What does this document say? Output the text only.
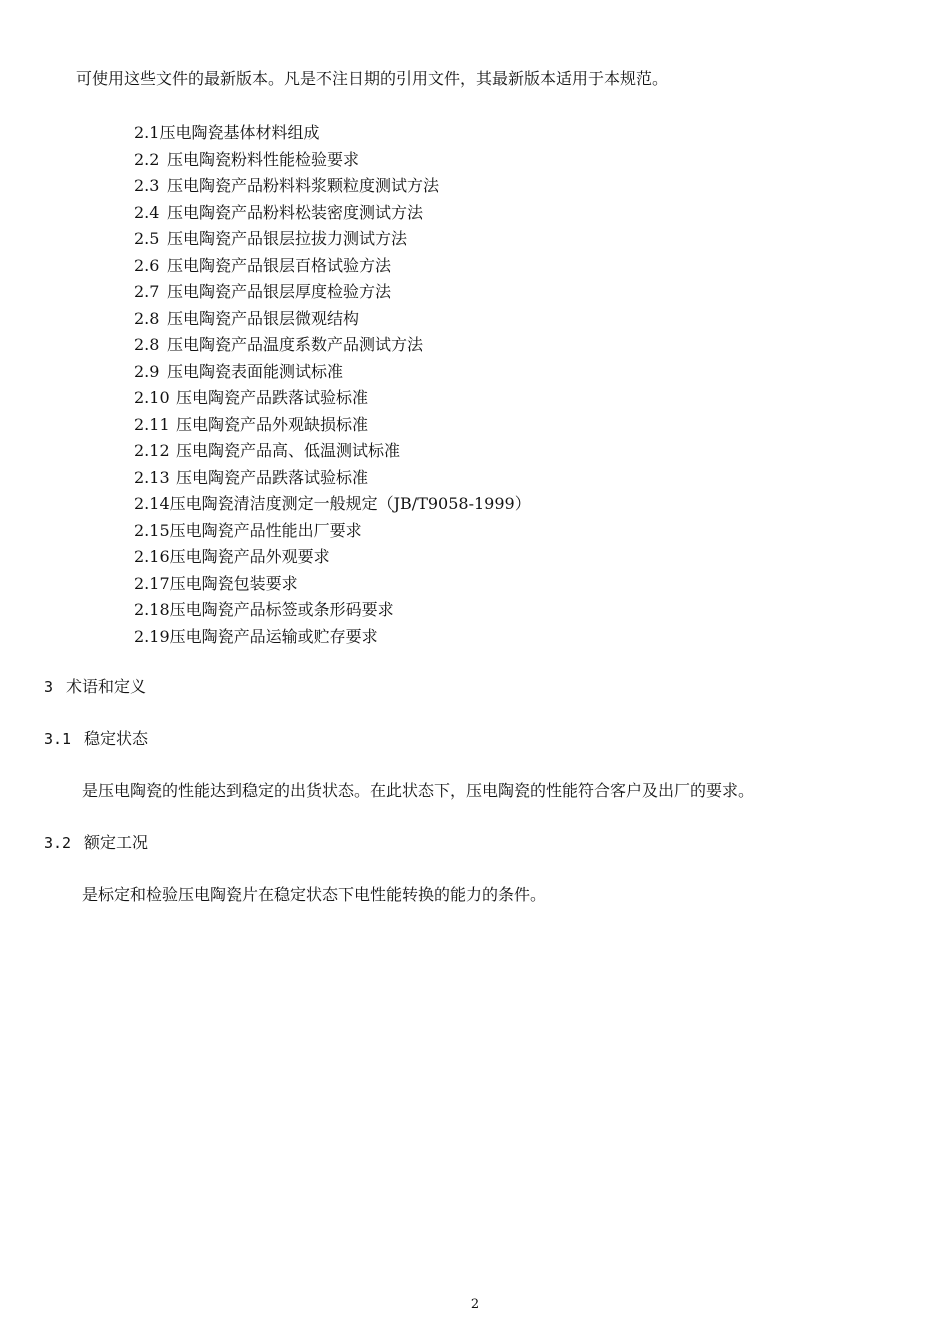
可使用这些文件的最新版本。凡是不注日期的引用文件，其最新版本适用于本规范。
2.1压电陶瓷基体材料组成
2.2 压电陶瓷粉料性能检验要求
2.3 压电陶瓷产品粉料料浆颗粒度测试方法
2.4 压电陶瓷产品粉料松装密度测试方法
2.5 压电陶瓷产品银层拉拔力测试方法
2.6 压电陶瓷产品银层百格试验方法
2.7 压电陶瓷产品银层厚度检验方法
2.8 压电陶瓷产品银层微观结构
2.8 压电陶瓷产品温度系数产品测试方法
2.9 压电陶瓷表面能测试标准
2.10 压电陶瓷产品跌落试验标准
2.11 压电陶瓷产品外观缺损标准
2.12 压电陶瓷产品高、低温测试标准
2.13 压电陶瓷产品跌落试验标准
2.14压电陶瓷清洁度测定一般规定（JB/T9058-1999）
2.15压电陶瓷产品性能出厂要求
2.16压电陶瓷产品外观要求
2.17压电陶瓷包装要求
2.18压电陶瓷产品标签或条形码要求
2.19压电陶瓷产品运输或贮存要求
3 术语和定义
3.1 稳定状态
是压电陶瓷的性能达到稳定的出货状态。在此状态下，压电陶瓷的性能符合客户及出厂的要求。
3.2 额定工况
是标定和检验压电陶瓷片在稳定状态下电性能转换的能力的条件。
2
